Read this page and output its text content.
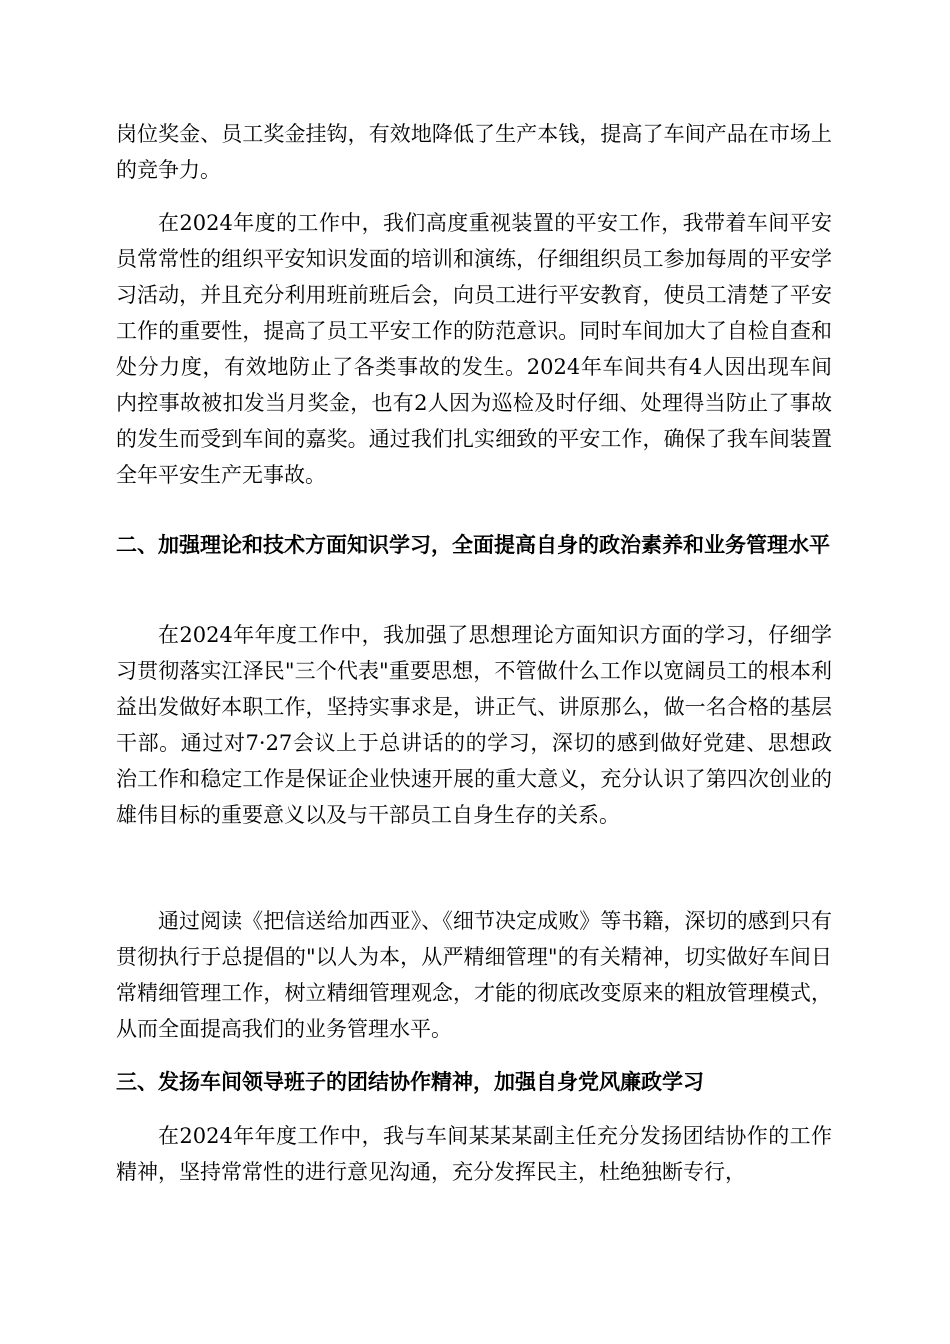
岗位奖金、员工奖金挂钩，有效地降低了生产本钱，提高了车间产品在市场上的竞争力。

在2024年度的工作中，我们高度重视装置的平安工作，我带着车间平安员常常性的组织平安知识发面的培训和演练，仔细组织员工参加每周的平安学习活动，并且充分利用班前班后会，向员工进行平安教育，使员工清楚了平安工作的重要性，提高了员工平安工作的防范意识。同时车间加大了自检自查和处分力度，有效地防止了各类事故的发生。2024年车间共有4人因出现车间内控事故被扣发当月奖金，也有2人因为巡检及时仔细、处理得当防止了事故的发生而受到车间的嘉奖。通过我们扎实细致的平安工作，确保了我车间装置全年平安生产无事故。

二、加强理论和技术方面知识学习，全面提高自身的政治素养和业务管理水平

在2024年年度工作中，我加强了思想理论方面知识方面的学习，仔细学习贯彻落实江泽民"三个代表"重要思想，不管做什么工作以宽阔员工的根本利益出发做好本职工作，坚持实事求是，讲正气、讲原那么，做一名合格的基层干部。通过对7·27会议上于总讲话的的学习，深切的感到做好党建、思想政治工作和稳定工作是保证企业快速开展的重大意义，充分认识了第四次创业的雄伟目标的重要意义以及与干部员工自身生存的关系。

通过阅读《把信送给加西亚》、《细节决定成败》等书籍，深切的感到只有贯彻执行于总提倡的"以人为本，从严精细管理"的有关精神，切实做好车间日常精细管理工作，树立精细管理观念，才能的彻底改变原来的粗放管理模式，从而全面提高我们的业务管理水平。

三、发扬车间领导班子的团结协作精神，加强自身党风廉政学习

在2024年年度工作中，我与车间某某某副主任充分发扬团结协作的工作精神，坚持常常性的进行意见沟通，充分发挥民主，杜绝独断专行，
